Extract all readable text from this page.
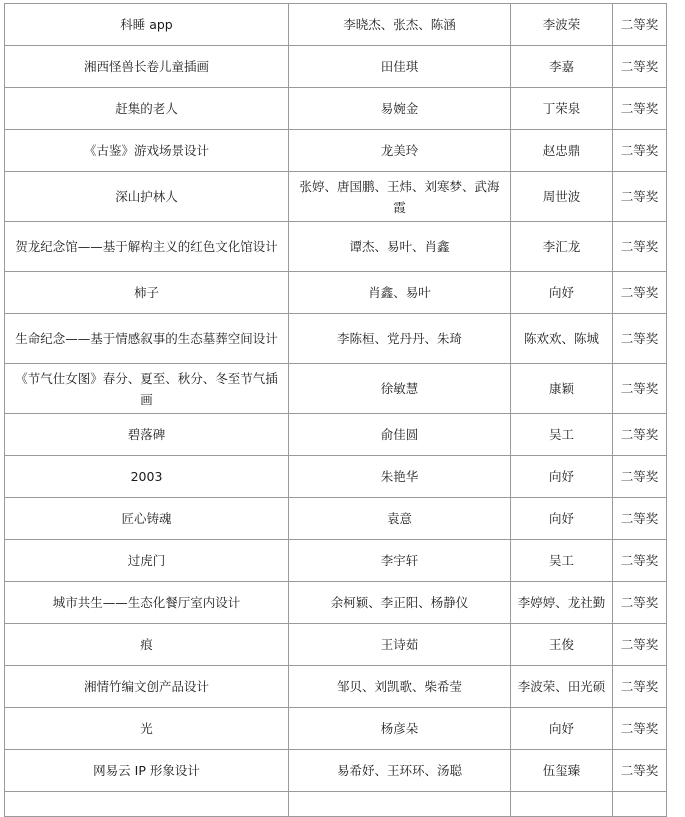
科睡 app	李晓杰、张杰、陈涵	李波荣	二等奖
湘西怪兽长卷儿童插画	田佳琪	李嘉	二等奖
赶集的老人	易婉金	丁荣泉	二等奖
《古鉴》游戏场景设计	龙美玲	赵忠鼎	二等奖
深山护林人	张婷、唐国鹏、王炜、刘寒梦、武海霞	周世波	二等奖
贺龙纪念馆——基于解构主义的红色文化馆设计	谭杰、易叶、肖鑫	李汇龙	二等奖
柿子	肖鑫、易叶	向妤	二等奖
生命纪念——基于情感叙事的生态墓葬空间设计	李陈桓、党丹丹、朱琦	陈欢欢、陈城	二等奖
《节气仕女图》春分、夏至、秋分、冬至节气插画	徐敏慧	康颖	二等奖
碧落碑	俞佳圆	吴工	二等奖
2003	朱艳华	向妤	二等奖
匠心铸魂	袁意	向妤	二等奖
过虎门	李宇轩	吴工	二等奖
城市共生——生态化餐厅室内设计	余柯颖、李正阳、杨静仪	李婷婷、龙社勤	二等奖
痕	王诗茹	王俊	二等奖
湘情竹编文创产品设计	邹贝、刘凯歌、柴希莹	李波荣、田光硕	二等奖
光	杨彦朵	向妤	二等奖
网易云 IP 形象设计	易希妤、王环环、汤聪	伍玺臻	二等奖
